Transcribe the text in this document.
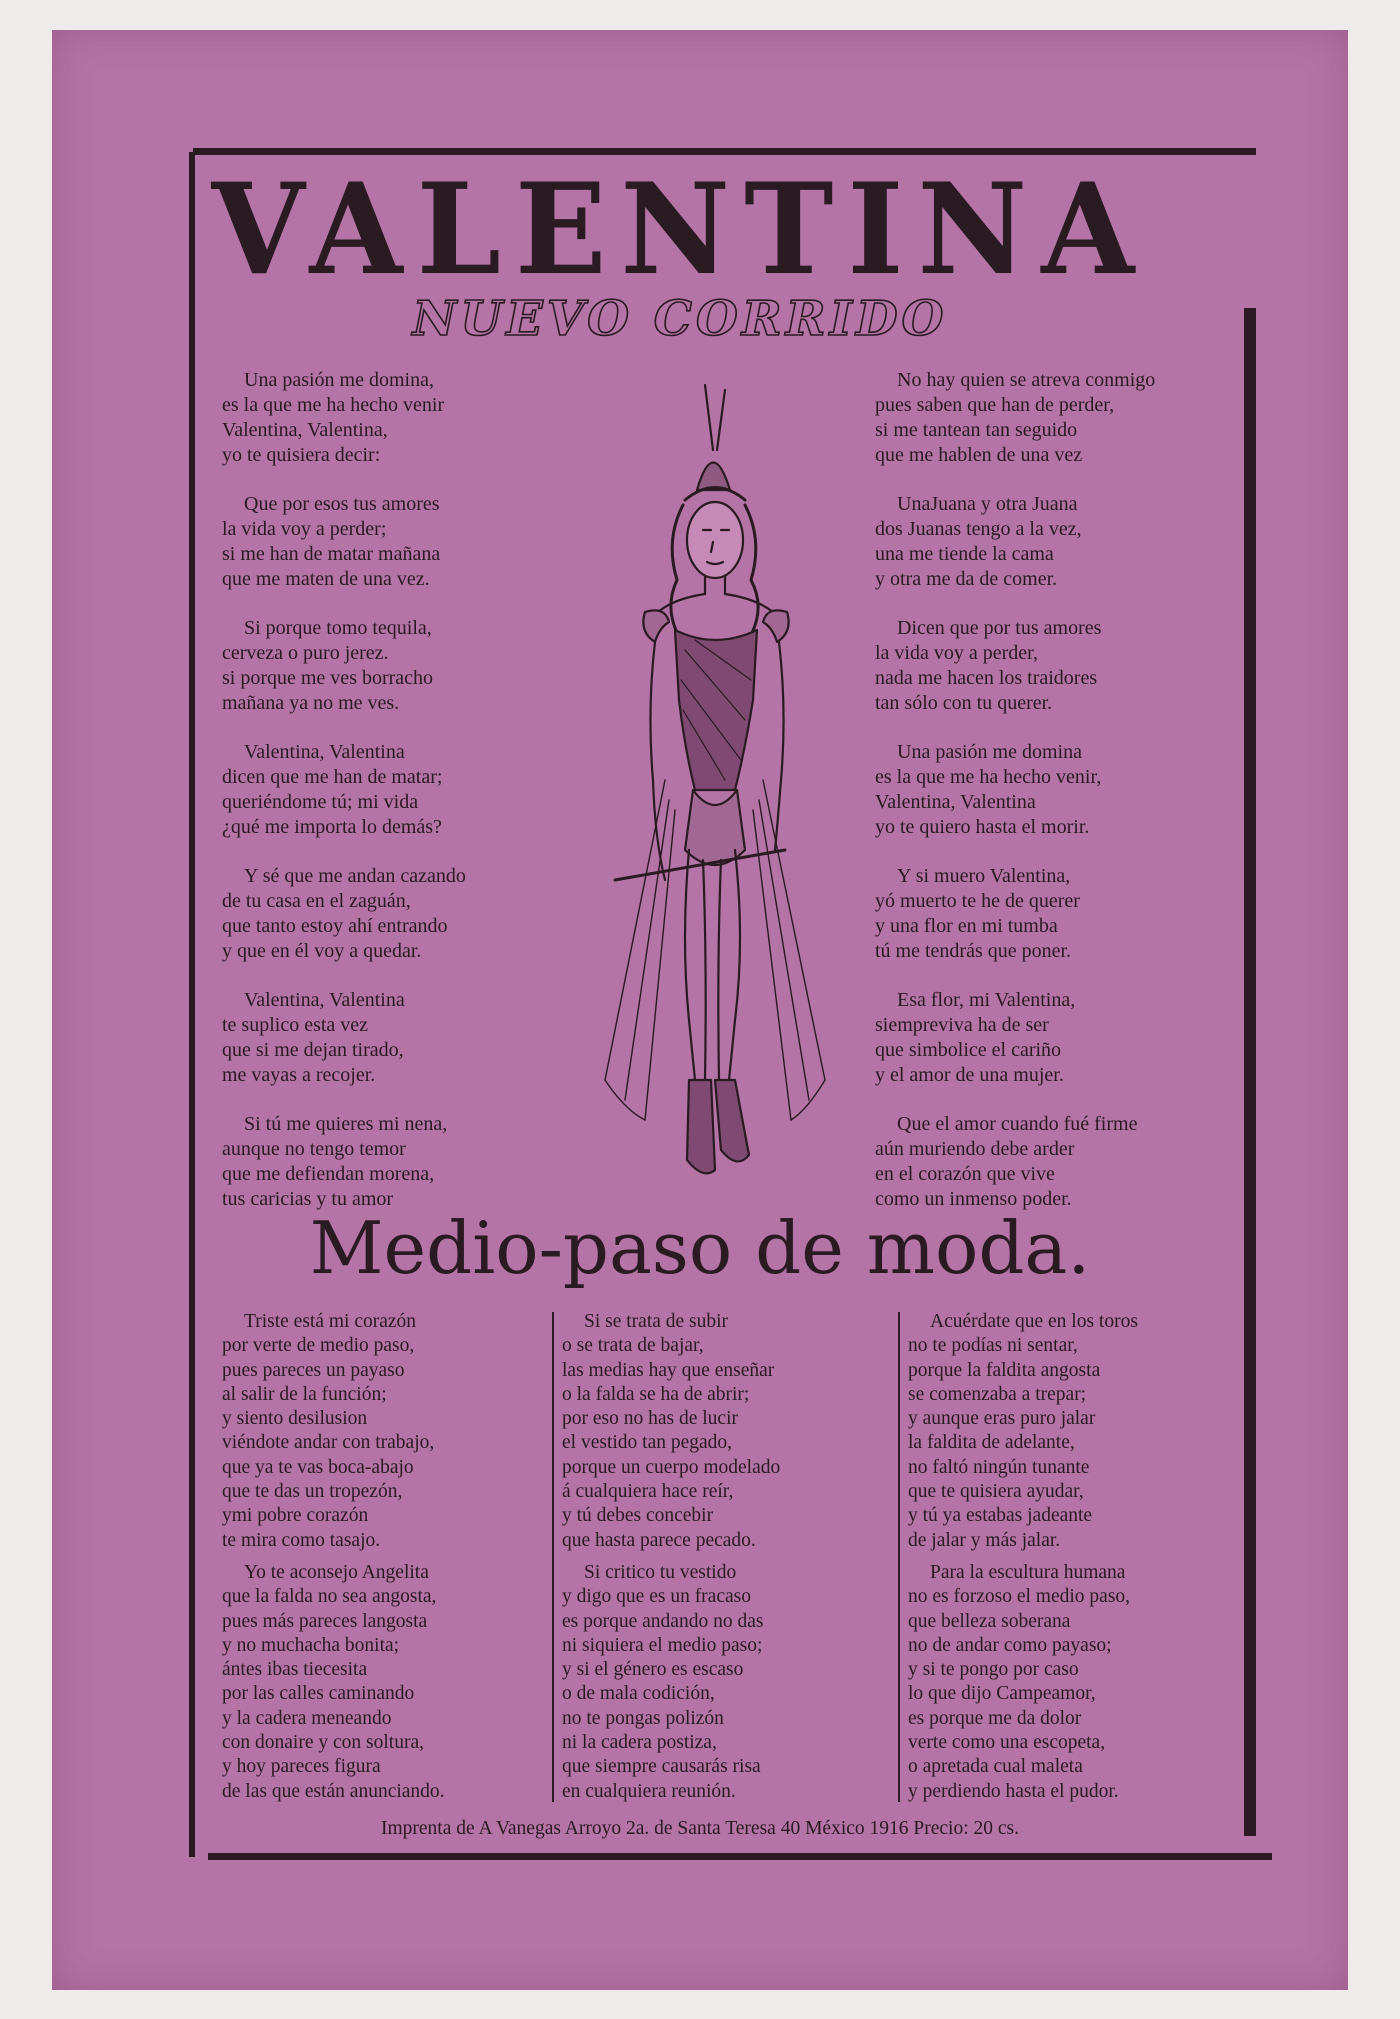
VALENTINA
NUEVO CORRIDO
Una pasión me domina,
es la que me ha hecho venir
Valentina, Valentina,
yo te quisiera decir:
Que por esos tus amores
la vida voy a perder;
si me han de matar mañana
que me maten de una vez.
Si porque tomo tequila,
cerveza o puro jerez.
si porque me ves borracho
mañana ya no me ves.
Valentina, Valentina
dicen que me han de matar;
queriéndome tú; mi vida
¿qué me importa lo demás?
Y sé que me andan cazando
de tu casa en el zaguán,
que tanto estoy ahí entrando
y que en él voy a quedar.
Valentina, Valentina
te suplico esta vez
que si me dejan tirado,
me vayas a recojer.
Si tú me quieres mi nena,
aunque no tengo temor
que me defiendan morena,
tus caricias y tu amor
No hay quien se atreva conmigo
pues saben que han de perder,
si me tantean tan seguido
que me hablen de una vez
UnaJuana y otra Juana
dos Juanas tengo a la vez,
una me tiende la cama
y otra me da de comer.
Dicen que por tus amores
la vida voy a perder,
nada me hacen los traidores
tan sólo con tu querer.
Una pasión me domina
es la que me ha hecho venir,
Valentina, Valentina
yo te quiero hasta el morir.
Y si muero Valentina,
yó muerto te he de querer
y una flor en mi tumba
tú me tendrás que poner.
Esa flor, mi Valentina,
siempreviva ha de ser
que simbolice el cariño
y el amor de una mujer.
Que el amor cuando fué firme
aún muriendo debe arder
en el corazón que vive
como un inmenso poder.
Medio-paso de moda.
Triste está mi corazón
por verte de medio paso,
pues pareces un payaso
al salir de la función;
y siento desilusion
viéndote andar con trabajo,
que ya te vas boca-abajo
que te das un tropezón,
ymi pobre corazón
te mira como tasajo.
Yo te aconsejo Angelita
que la falda no sea angosta,
pues más pareces langosta
y no muchacha bonita;
ántes ibas tiecesita
por las calles caminando
y la cadera meneando
con donaire y con soltura,
y hoy pareces figura
de las que están anunciando.
Si se trata de subir
o se trata de bajar,
las medias hay que enseñar
o la falda se ha de abrir;
por eso no has de lucir
el vestido tan pegado,
porque un cuerpo modelado
á cualquiera hace reír,
y tú debes concebir
que hasta parece pecado.
Si critico tu vestido
y digo que es un fracaso
es porque andando no das
ni siquiera el medio paso;
y si el género es escaso
o de mala codición,
no te pongas polizón
ni la cadera postiza,
que siempre causarás risa
en cualquiera reunión.
Acuérdate que en los toros
no te podías ni sentar,
porque la faldita angosta
se comenzaba a trepar;
y aunque eras puro jalar
la faldita de adelante,
no faltó ningún tunante
que te quisiera ayudar,
y tú ya estabas jadeante
de jalar y más jalar.
Para la escultura humana
no es forzoso el medio paso,
que belleza soberana
no de andar como payaso;
y si te pongo por caso
lo que dijo Campeamor,
es porque me da dolor
verte como una escopeta,
o apretada cual maleta
y perdiendo hasta el pudor.
Imprenta de A Vanegas Arroyo 2a. de Santa Teresa 40 México 1916 Precio: 20 cs.
